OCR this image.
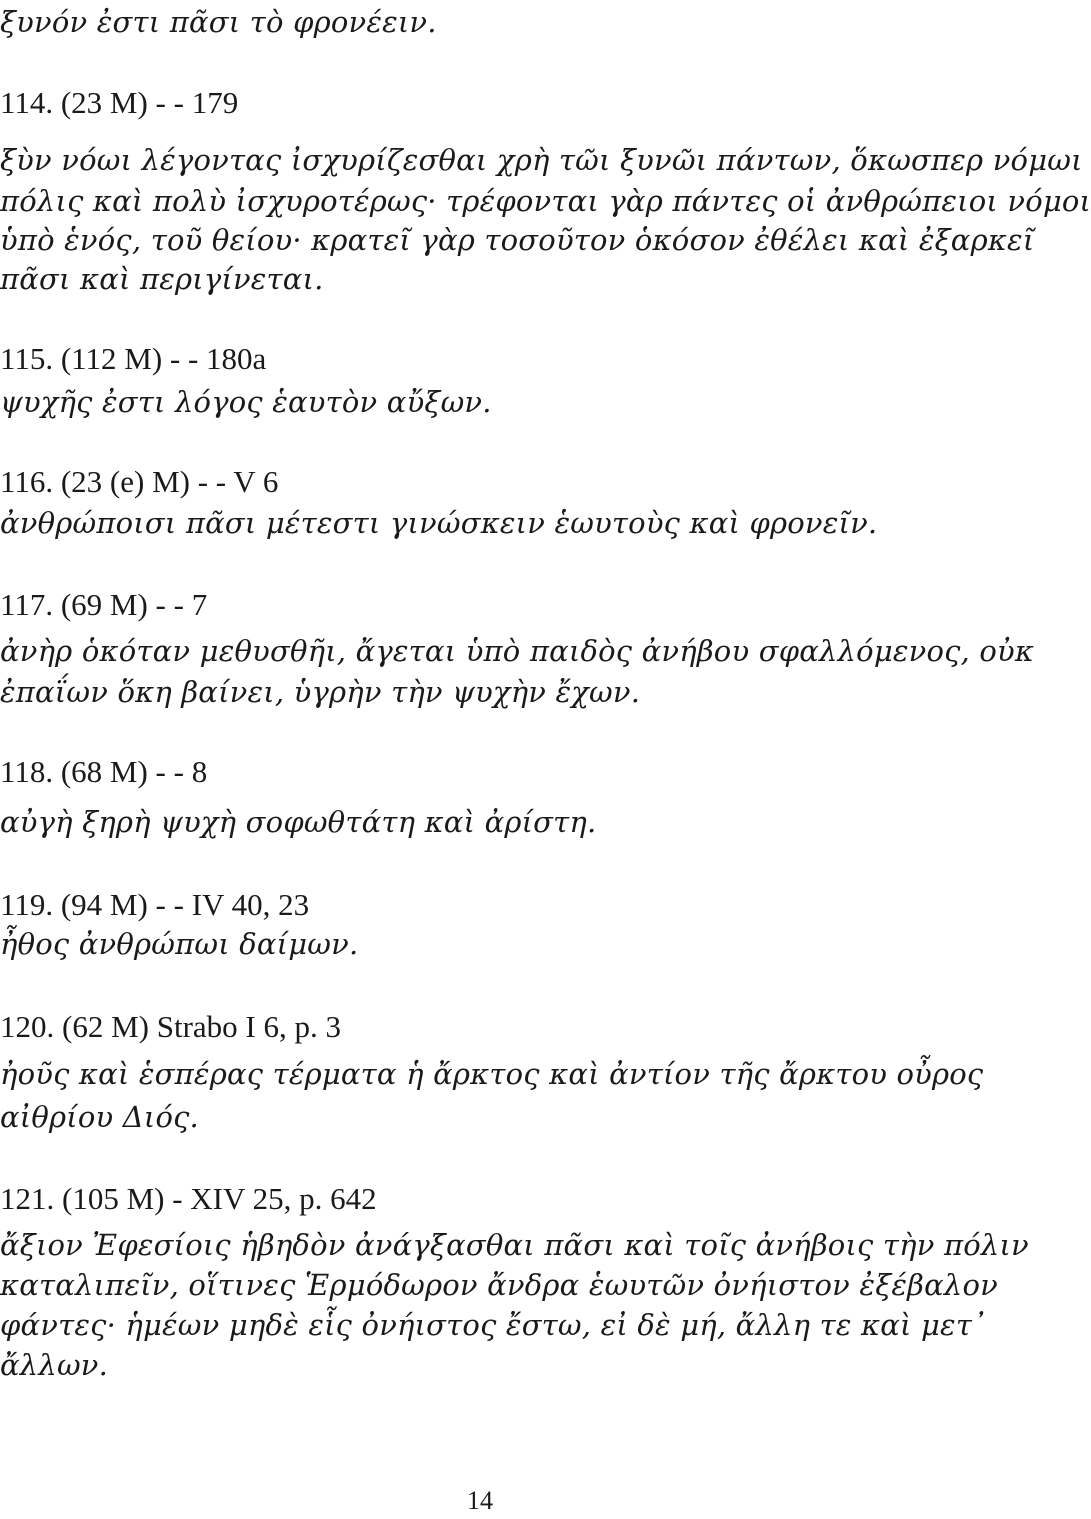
ξυνόν ἐστι πᾶσι τὸ φρονέειν.

114. (23 M) - - 179

ξὺν νόωι λέγοντας ἰσχυρίζεσθαι χρὴ τῶι ξυνῶι πάντων, ὅκωσπερ νόμωι

πόλις καὶ πολὺ ἰσχυροτέρως· τρέφονται γὰρ πάντες οἱ ἀνθρώπειοι νόμοι

ὑπὸ ἑνός, τοῦ θείου· κρατεῖ γὰρ τοσοῦτον ὁκόσον ἐθέλει καὶ ἐξαρκεῖ

πᾶσι καὶ περιγίνεται.

115. (112 M) - - 180a

ψυχῆς ἐστι λόγος ἑαυτὸν αὔξων.

116. (23 (e) M) - - V 6

ἀνθρώποισι πᾶσι μέτεστι γινώσκειν ἑωυτοὺς καὶ φρονεῖν.

117. (69 M) - - 7

ἀνὴρ ὁκόταν μεθυσθῆι, ἄγεται ὑπὸ παιδὸς ἀνήβου σφαλλόμενος, οὐκ

ἐπαΐων ὅκη βαίνει, ὑγρὴν τὴν ψυχὴν ἔχων.

118. (68 M) - - 8

αὐγὴ ξηρὴ ψυχὴ σοφωθτάτη καὶ ἀρίστη.

119. (94 M) - - IV 40, 23

ἦθος ἀνθρώπωι δαίμων.

120. (62 M) Strabo I 6, p. 3

ἠοῦς καὶ ἑσπέρας τέρματα ἡ ἄρκτος καὶ ἀντίον τῆς ἄρκτου οὖρος

αἰθρίου Διός.

121. (105 M) - XIV 25, p. 642

ἄξιον Ἐφεσίοις ἡβηδὸν ἀνάγξασθαι πᾶσι καὶ τοῖς ἀνήβοις τὴν πόλιν

καταλιπεῖν, οἵτινες Ἑρμόδωρον ἄνδρα ἑωυτῶν ὀνήιστον ἐξέβαλον

φάντες· ἡμέων μηδὲ εἷς ὀνήιστος ἔστω, εἰ δὲ μή, ἄλλη τε καὶ μετ᾽

ἄλλων.

14
